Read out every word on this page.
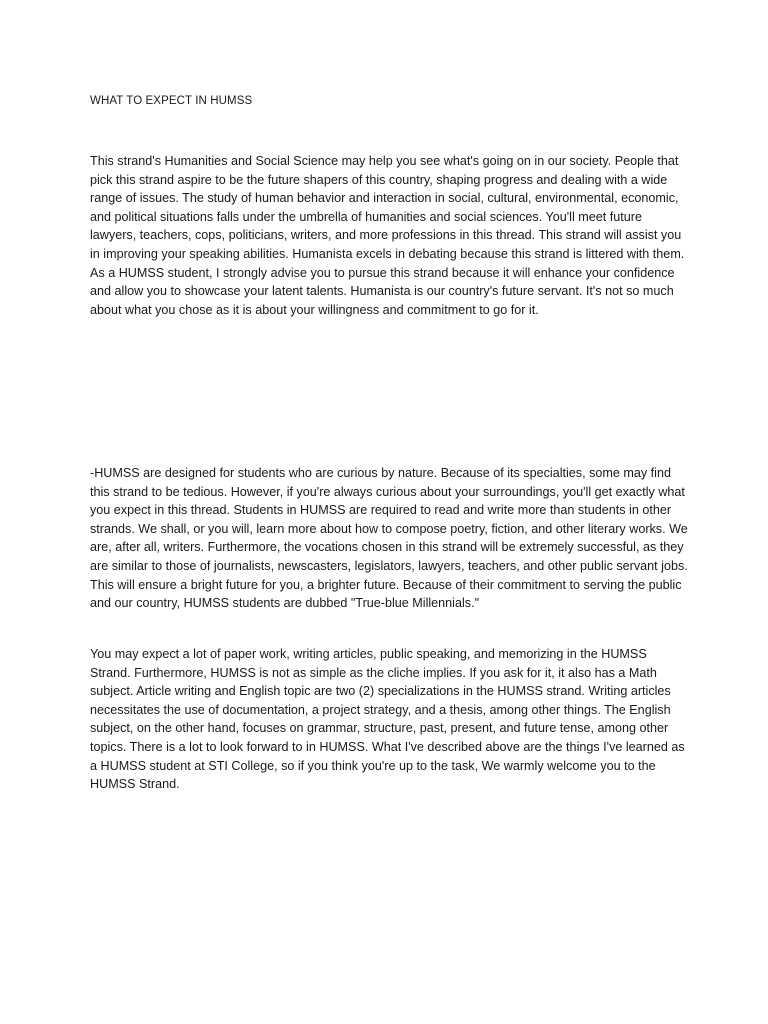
WHAT TO EXPECT IN HUMSS

This strand's Humanities and Social Science may help you see what's going on in our society. People that pick this strand aspire to be the future shapers of this country, shaping progress and dealing with a wide range of issues. The study of human behavior and interaction in social, cultural, environmental, economic, and political situations falls under the umbrella of humanities and social sciences. You'll meet future lawyers, teachers, cops, politicians, writers, and more professions in this thread. This strand will assist you in improving your speaking abilities. Humanista excels in debating because this strand is littered with them. As a HUMSS student, I strongly advise you to pursue this strand because it will enhance your confidence and allow you to showcase your latent talents. Humanista is our country's future servant. It's not so much about what you chose as it is about your willingness and commitment to go for it.

-HUMSS are designed for students who are curious by nature. Because of its specialties, some may find this strand to be tedious. However, if you're always curious about your surroundings, you'll get exactly what you expect in this thread. Students in HUMSS are required to read and write more than students in other strands. We shall, or you will, learn more about how to compose poetry, fiction, and other literary works. We are, after all, writers. Furthermore, the vocations chosen in this strand will be extremely successful, as they are similar to those of journalists, newscasters, legislators, lawyers, teachers, and other public servant jobs. This will ensure a bright future for you, a brighter future. Because of their commitment to serving the public and our country, HUMSS students are dubbed "True-blue Millennials."

You may expect a lot of paper work, writing articles, public speaking, and memorizing in the HUMSS Strand. Furthermore, HUMSS is not as simple as the cliche implies. If you ask for it, it also has a Math subject. Article writing and English topic are two (2) specializations in the HUMSS strand. Writing articles necessitates the use of documentation, a project strategy, and a thesis, among other things. The English subject, on the other hand, focuses on grammar, structure, past, present, and future tense, among other topics. There is a lot to look forward to in HUMSS. What I've described above are the things I've learned as a HUMSS student at STI College, so if you think you're up to the task, We warmly welcome you to the HUMSS Strand.
